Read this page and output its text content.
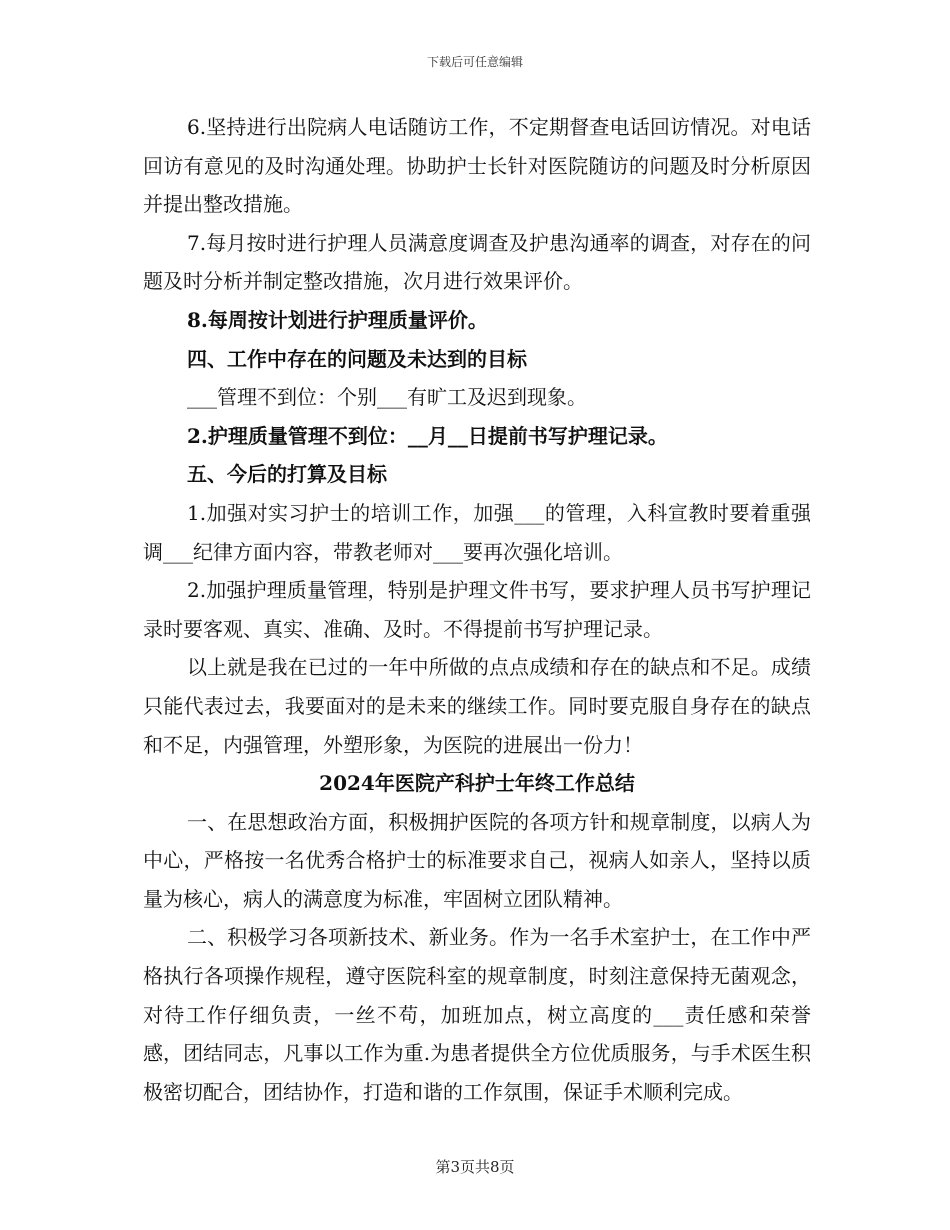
下载后可任意编辑

6.坚持进行出院病人电话随访工作，不定期督查电话回访情况。对电话回访有意见的及时沟通处理。协助护士长针对医院随访的问题及时分析原因并提出整改措施。

7.每月按时进行护理人员满意度调查及护患沟通率的调查，对存在的问题及时分析并制定整改措施，次月进行效果评价。

8.每周按计划进行护理质量评价。

四、工作中存在的问题及未达到的目标

___管理不到位：个别___有旷工及迟到现象。

2.护理质量管理不到位：__月__日提前书写护理记录。

五、今后的打算及目标

1.加强对实习护士的培训工作，加强___的管理，入科宣教时要着重强调___纪律方面内容，带教老师对___要再次强化培训。

2.加强护理质量管理，特别是护理文件书写，要求护理人员书写护理记录时要客观、真实、准确、及时。不得提前书写护理记录。

以上就是我在已过的一年中所做的点点成绩和存在的缺点和不足。成绩只能代表过去，我要面对的是未来的继续工作。同时要克服自身存在的缺点和不足，内强管理，外塑形象，为医院的进展出一份力！

2024年医院产科护士年终工作总结

一、在思想政治方面，积极拥护医院的各项方针和规章制度，以病人为中心，严格按一名优秀合格护士的标准要求自己，视病人如亲人，坚持以质量为核心，病人的满意度为标准，牢固树立团队精神。

二、积极学习各项新技术、新业务。作为一名手术室护士，在工作中严格执行各项操作规程，遵守医院科室的规章制度，时刻注意保持无菌观念，对待工作仔细负责，一丝不苟，加班加点，树立高度的___责任感和荣誉感，团结同志，凡事以工作为重.为患者提供全方位优质服务，与手术医生积极密切配合，团结协作，打造和谐的工作氛围，保证手术顺利完成。

第3页共8页
